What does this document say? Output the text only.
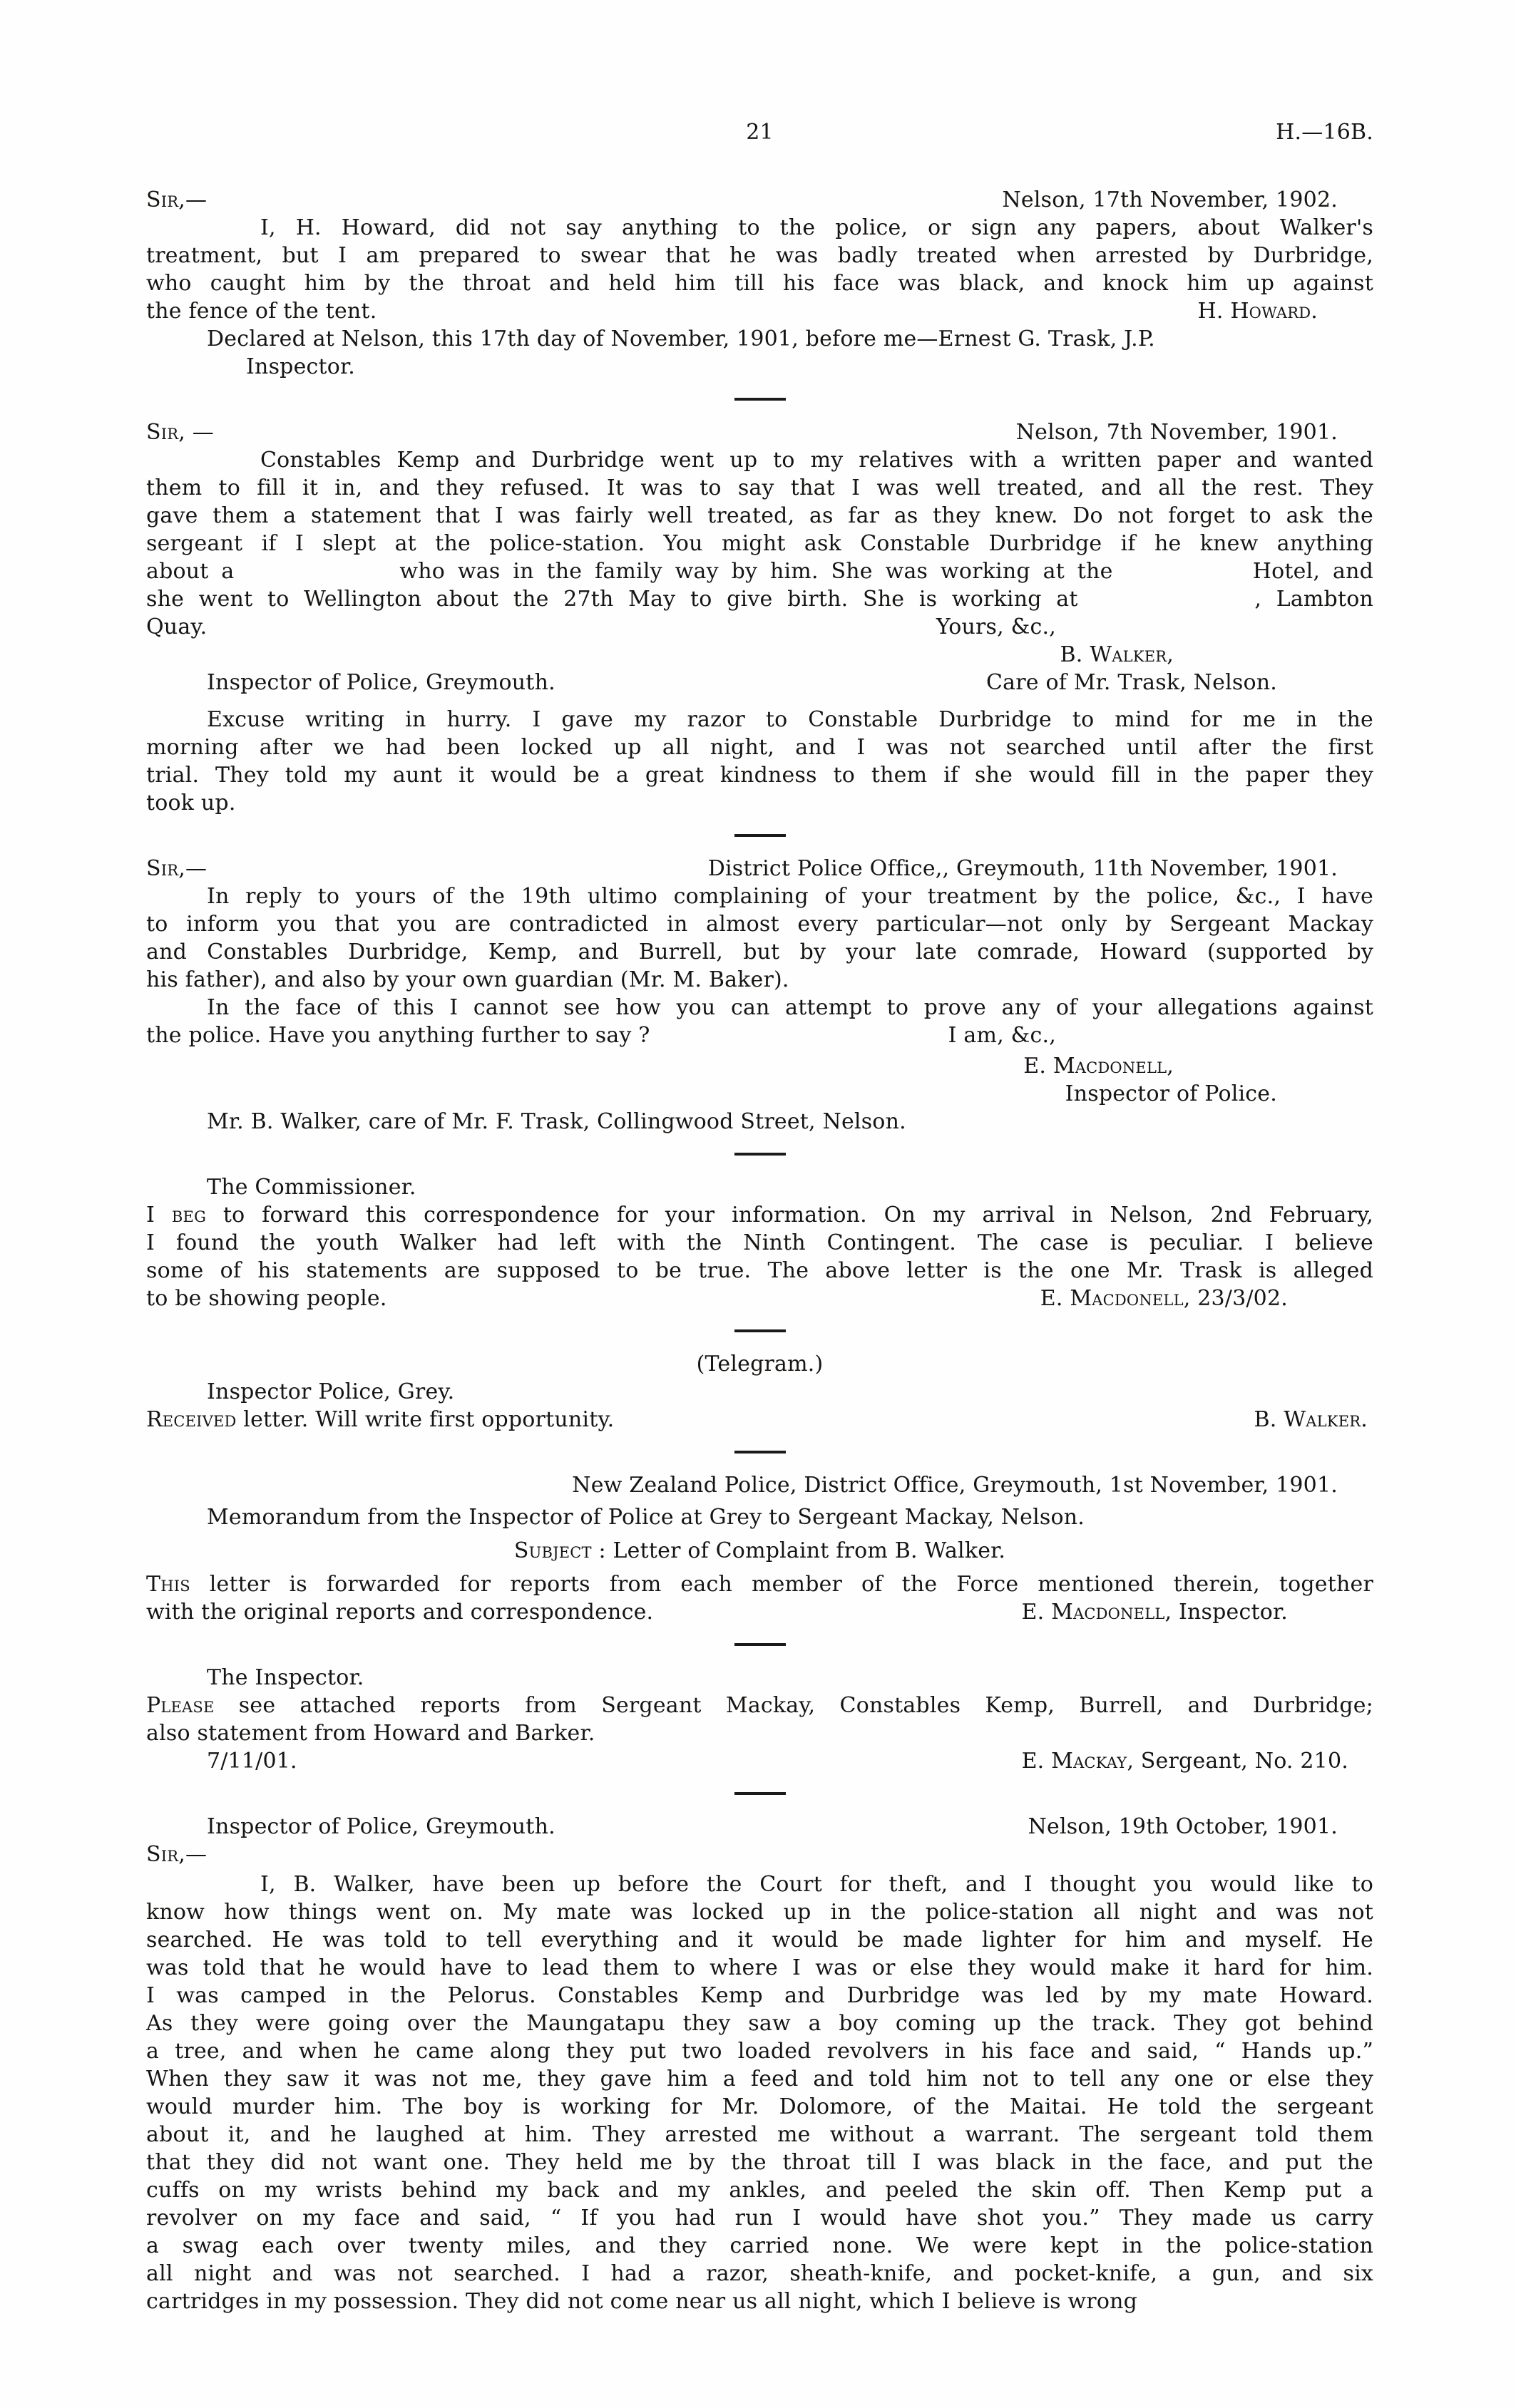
21	H.—16B.
Sir,—	Nelson, 17th November, 1902.
I, H. Howard, did not say anything to the police, or sign any papers, about Walker's
treatment, but I am prepared to swear that he was badly treated when arrested by Durbridge,
who caught him by the throat and held him till his face was black, and knock him up against
the fence of the tent.	H. Howard.
Declared at Nelson, this 17th day of November, 1901, before me—Ernest G. Trask, J.P.
Inspector.
Sir, —	Nelson, 7th November, 1901.
Constables Kemp and Durbridge went up to my relatives with a written paper and wanted
them to fill it in, and they refused. It was to say that I was well treated, and all the rest. They
gave them a statement that I was fairly well treated, as far as they knew. Do not forget to ask the
sergeant if I slept at the police-station. You might ask Constable Durbridge if he knew anything
about a             who was in the family way by him. She was working at the           Hotel, and
she went to Wellington about the 27th May to give birth. She is working at            , Lambton
Quay.	Yours, &c.,
B. Walker,
Inspector of Police, Greymouth.	Care of Mr. Trask, Nelson.
Excuse writing in hurry. I gave my razor to Constable Durbridge to mind for me in the
morning after we had been locked up all night, and I was not searched until after the first
trial. They told my aunt it would be a great kindness to them if she would fill in the paper they
took up.
Sir,—	District Police Office,, Greymouth, 11th November, 1901.
In reply to yours of the 19th ultimo complaining of your treatment by the police, &c., I have
to inform you that you are contradicted in almost every particular—not only by Sergeant Mackay
and Constables Durbridge, Kemp, and Burrell, but by your late comrade, Howard (supported by
his father), and also by your own guardian (Mr. M. Baker).
In the face of this I cannot see how you can attempt to prove any of your allegations against
the police. Have you anything further to say ?	I am, &c.,
E. Macdonell,
Inspector of Police.
Mr. B. Walker, care of Mr. F. Trask, Collingwood Street, Nelson.
The Commissioner.
I beg to forward this correspondence for your information. On my arrival in Nelson, 2nd February,
I found the youth Walker had left with the Ninth Contingent. The case is peculiar. I believe
some of his statements are supposed to be true. The above letter is the one Mr. Trask is alleged
to be showing people.	E. Macdonell, 23/3/02.
(Telegram.)
Inspector Police, Grey.
Received letter. Will write first opportunity.	B. Walker.
New Zealand Police, District Office, Greymouth, 1st November, 1901.
Memorandum from the Inspector of Police at Grey to Sergeant Mackay, Nelson.
Subject : Letter of Complaint from B. Walker.
This letter is forwarded for reports from each member of the Force mentioned therein, together
with the original reports and correspondence.	E. Macdonell, Inspector.
The Inspector.
Please see attached reports from Sergeant Mackay, Constables Kemp, Burrell, and Durbridge;
also statement from Howard and Barker.
7/11/01.	E. Mackay, Sergeant, No. 210.
Inspector of Police, Greymouth.	Nelson, 19th October, 1901.
Sir,—
I, B. Walker, have been up before the Court for theft, and I thought you would like to
know how things went on. My mate was locked up in the police-station all night and was not
searched. He was told to tell everything and it would be made lighter for him and myself. He
was told that he would have to lead them to where I was or else they would make it hard for him.
I was camped in the Pelorus. Constables Kemp and Durbridge was led by my mate Howard.
As they were going over the Maungatapu they saw a boy coming up the track. They got behind
a tree, and when he came along they put two loaded revolvers in his face and said, “ Hands up.”
When they saw it was not me, they gave him a feed and told him not to tell any one or else they
would murder him. The boy is working for Mr. Dolomore, of the Maitai. He told the sergeant
about it, and he laughed at him. They arrested me without a warrant. The sergeant told them
that they did not want one. They held me by the throat till I was black in the face, and put the
cuffs on my wrists behind my back and my ankles, and peeled the skin off. Then Kemp put a
revolver on my face and said, “ If you had run I would have shot you.” They made us carry
a swag each over twenty miles, and they carried none. We were kept in the police-station
all night and was not searched. I had a razor, sheath-knife, and pocket-knife, a gun, and six
cartridges in my possession. They did not come near us all night, which I believe is wrong
